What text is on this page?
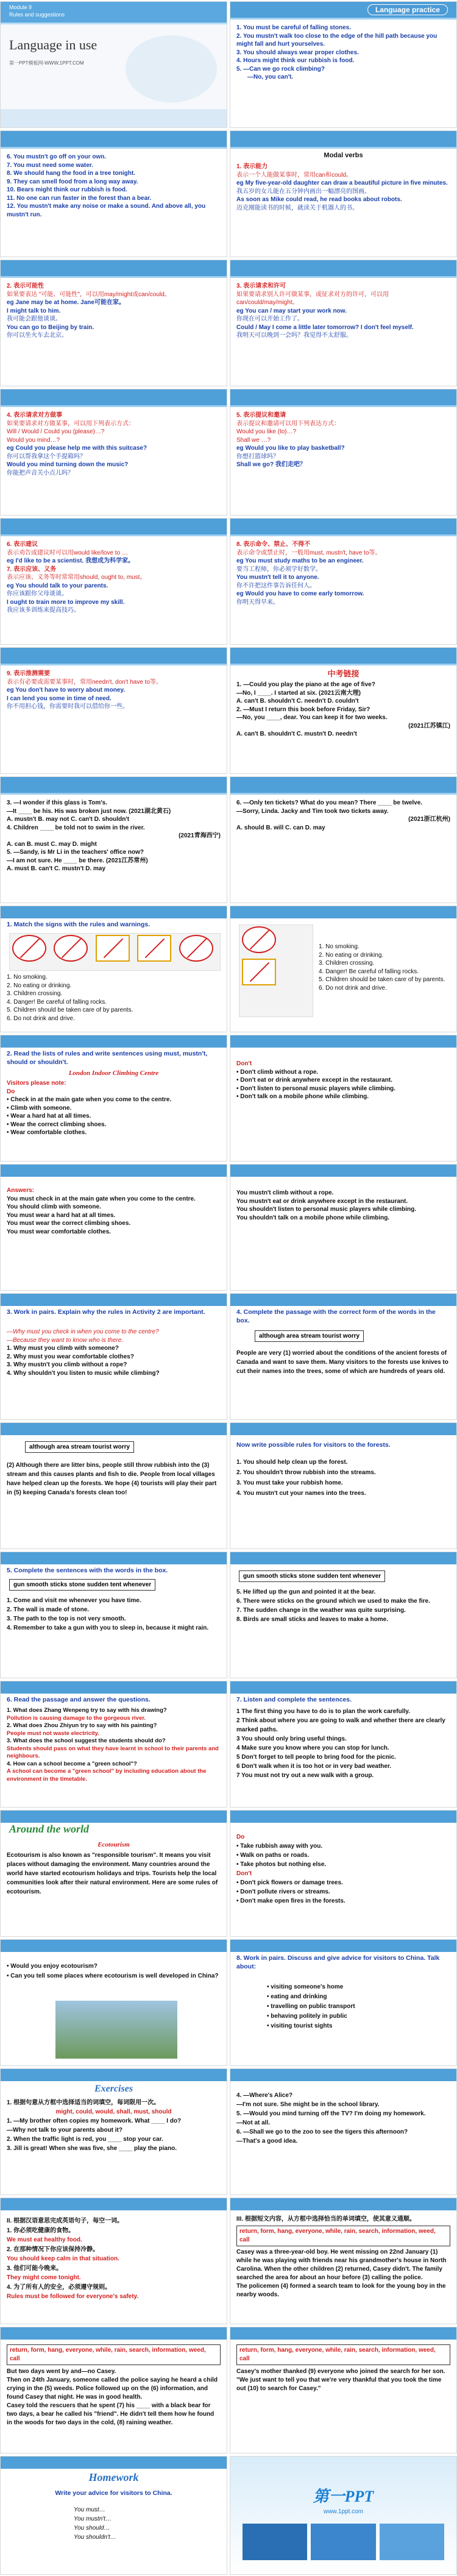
Module 9
Rules and suggestions
Language in use
第一PPT模板网-WWW.1PPT.COM
Language practice

1. You must be careful of falling stones.

2. You mustn't walk too close to the edge of the hill path because you might fall and hurt yourselves.

3. You should always wear proper clothes.

4. Hours might think our rubbish is food.

5. —Can we go rock climbing?

—No, you can't.

6. You mustn't go off on your own.

7. You must need some water.

8. We should hang the food in a tree tonight.

9. They can smell food from a long way away.

10. Bears might think our rubbish is food.

11. No one can run faster in the forest than a bear.

12. You mustn't make any noise or make a sound. And above all, you mustn't run.

Modal verbs

1. 表示能力

表示一个人能做某事时，常用can和could。

eg My five-year-old daughter can draw a beautiful picture in five minutes.

我五岁的女儿能在五分钟内画出一幅漂亮的图画。

As soon as Mike could read, he read books about robots.

迈克刚能读书的时候，就读关于机器人的书。

2. 表示可能性

如果要表达 "可能、可能性"，可以用may/might或can/could。

eg Jane may be at home. Jane可能在家。

I might talk to him.

我可能会跟他谈谈。

You can go to Beijing by train.

你可以坐火车去北京。

3. 表示请求和许可

如果要请求别人许可做某事，或征求对方的许可，可以用can/could/may/might。

eg You can / may start your work now.

你现在可以开始工作了。

Could / May I come a little later tomorrow? I don't feel myself.

我明天可以晚到一会吗？我觉得不太舒服。

4. 表示请求对方做事

如果要请求对方做某事，可以用下列表示方式：

Will / Would / Could you (please)…?

Would you mind…?

eg Could you please help me with this suitcase?

你可以帮我拿这个手提箱吗？

Would you mind turning down the music?

你能把声音关小点儿吗？

5. 表示提议和邀请

表示提议和邀请可以用下列表达方式：

Would you like (to)…?

Shall we …?

eg Would you like to play basketball?

你想打篮球吗？

Shall we go? 我们走吧？

6. 表示建议

表示劝告或建议时可以用would like/love to …

eg I'd like to be a scientist. 我想成为科学家。

7. 表示应该、义务

表示应该、义务等时常常用should, ought to, must。

eg You should talk to your parents.

你应该跟你父母谈谈。

I ought to train more to improve my skill.

我应该多训练来提高技巧。

8. 表示命令、禁止、不得不

表示命令或禁止时，一般用must, mustn't, have to等。

eg You must study maths to be an engineer.

要当工程师，你必须学好数学。

You mustn't tell it to anyone.

你不许把这件事告诉任何人。

eg Would you have to come early tomorrow.

你明天得早来。

9. 表示推测需要

表示有必要或需要某事时，常用needn't, don't have to等。

eg You don't have to worry about money.

I can lend you some in time of need.

你不用担心钱，你需要时我可以借给你一些。

中考链接

1. —Could you play the piano at the age of five?

—No, I ____. I started at six. (2021云南大理)

A. can't B. shouldn't C. needn't D. couldn't

2. —Must I return this book before Friday, Sir?

—No, you ____, dear. You can keep it for two weeks.

(2021江苏镇江)

A. can't B. shouldn't C. mustn't D. needn't

3. —I wonder if this glass is Tom's.

—It ____ be his. His was broken just now. (2021湖北黄石)

A. mustn't B. may not C. can't D. shouldn't

4. Children ____ be told not to swim in the river.

(2021青海西宁)

A. can B. must C. may D. might

5. —Sandy, is Mr Li in the teachers' office now?

—I am not sure. He ____ be there. (2021江苏常州)

A. must B. can't C. mustn't D. may

6. —Only ten tickets? What do you mean? There ____ be twelve.

—Sorry, Linda. Jacky and Tim took two tickets away.

(2021浙江杭州)

A. should B. will C. can D. may

1. Match the signs with the rules and warnings.

1. No smoking.

2. No eating or drinking.

3. Children crossing.

4. Danger! Be careful of falling rocks.

5. Children should be taken care of by parents.

6. Do not drink and drive.

1. No smoking.

2. No eating or drinking.

3. Children crossing.

4. Danger! Be careful of falling rocks.

5. Children should be taken care of by parents.

6. Do not drink and drive.

2. Read the lists of rules and write sentences using must, mustn't, should or shouldn't.
London Indoor Climbing Centre

Visitors please note:

Do

• Check in at the main gate when you come to the centre.

• Climb with someone.

• Wear a hard hat at all times.

• Wear the correct climbing shoes.

• Wear comfortable clothes.

Don't

• Don't climb without a rope.

• Don't eat or drink anywhere except in the restaurant.

• Don't listen to personal music players while climbing.

• Don't talk on a mobile phone while climbing.

Answers:

You must check in at the main gate when you come to the centre.

You should climb with someone.

You must wear a hard hat at all times.

You must wear the correct climbing shoes.

You must wear comfortable clothes.

You mustn't climb without a rope.

You mustn't eat or drink anywhere except in the restaurant.

You shouldn't listen to personal music players while climbing.

You shouldn't talk on a mobile phone while climbing.

3. Work in pairs. Explain why the rules in Activity 2 are important.

—Why must you check in when you come to the centre?

—Because they want to know who is there.

1. Why must you climb with someone?

2. Why must you wear comfortable clothes?

3. Why mustn't you climb without a rope?

4. Why shouldn't you listen to music while climbing?

4. Complete the passage with the correct form of the words in the box.
although area stream tourist worry
People are very (1) worried about the conditions of the ancient forests of Canada and want to save them. Many visitors to the forests use knives to cut their names into the trees, some of which are hundreds of years old.
although area stream tourist worry
(2) Although there are litter bins, people still throw rubbish into the (3) stream and this causes plants and fish to die. People from local villages have helped clean up the forests. We hope (4) tourists will play their part in (5) keeping Canada's forests clean too!
Now write possible rules for visitors to the forests.

1. You should help clean up the forest.

2. You shouldn't throw rubbish into the streams.

3. You must take your rubbish home.

4. You mustn't cut your names into the trees.

5. Complete the sentences with the words in the box.
gun smooth sticks stone sudden tent whenever

1. Come and visit me whenever you have time.

2. The wall is made of stone.

3. The path to the top is not very smooth.

4. Remember to take a gun with you to sleep in, because it might rain.

gun smooth sticks stone sudden tent whenever

5. He lifted up the gun and pointed it at the bear.

6. There were sticks on the ground which we used to make the fire.

7. The sudden change in the weather was quite surprising.

8. Birds are small sticks and leaves to make a home.

6. Read the passage and answer the questions.

1. What does Zhang Wenpeng try to say with his drawing?

Pollution is causing damage to the gorgeous river.

2. What does Zhou Zhiyun try to say with his painting?

People must not waste electricity.

3. What does the school suggest the students should do?

Students should pass on what they have learnt in school to their parents and neighbours.

4. How can a school become a "green school"?

A school can become a "green school" by including education about the environment in the timetable.

7. Listen and complete the sentences.

1 The first thing you have to do is to plan the work carefully.

2 Think about where you are going to walk and whether there are clearly marked paths.

3 You should only bring useful things.

4 Make sure you know where you can stop for lunch.

5 Don't forget to tell people to bring food for the picnic.

6 Don't walk when it is too hot or in very bad weather.

7 You must not try out a new walk with a group.

Around the world
Ecotourism
Ecotourism is also known as "responsible tourism". It means you visit places without damaging the environment. Many countries around the world have started ecotourism holidays and trips. Tourists help the local communities look after their natural environment. Here are some rules of ecotourism.

Do

• Take rubbish away with you.

• Walk on paths or roads.

• Take photos but nothing else.

Don't

• Don't pick flowers or damage trees.

• Don't pollute rivers or streams.

• Don't make open fires in the forests.

• Would you enjoy ecotourism?

• Can you tell some places where ecotourism is well developed in China?

8. Work in pairs. Discuss and give advice for visitors to China. Talk about:

• visiting someone's home

• eating and drinking

• travelling on public transport

• behaving politely in public

• visiting tourist sights

Exercises

1. 根据句意从方框中选择适当的词填空，每词限用一次。

might, could, would, shall, must, should

1. —My brother often copies my homework. What ____ I do?

—Why not talk to your parents about it?

2. When the traffic light is red, you ____ stop your car.

3. Jill is great! When she was five, she ____ play the piano.

4. —Where's Alice?

—I'm not sure. She might be in the school library.

5. —Would you mind turning off the TV? I'm doing my homework.

—Not at all.

6. —Shall we go to the zoo to see the tigers this afternoon?

—That's a good idea.

II. 根据汉语意思完成英语句子，每空一词。

1. 你必须吃健康的食物。

We must eat healthy food.

2. 在那种情况下你应该保持冷静。

You should keep calm in that situation.

3. 他们可能今晚来。

They might come tonight.

4. 为了所有人的安全，必须遵守规则。

Rules must be followed for everyone's safety.

III. 根据短文内容，从方框中选择恰当的单词填空，使其意义通顺。

return, form, hang, everyone, while, rain, search, information, weed, call

Casey was a three-year-old boy. He went missing on 22nd January (1) while he was playing with friends near his grandmother's house in North Carolina. When the other children (2) returned, Casey didn't. The family searched the area for about an hour before (3) calling the police.

The policemen (4) formed a search team to look for the young boy in the nearby woods.

return, form, hang, everyone, while, rain, search, information, weed, call

But two days went by and—no Casey.

Then on 24th January, someone called the police saying he heard a child crying in the (5) weeds. Police followed up on the (6) information, and found Casey that night. He was in good health.

Casey told the rescuers that he spent (7) his ____ with a black bear for two days, a bear he called his "friend". He didn't tell them how he found in the woods for two days in the cold, (8) raining weather.

return, form, hang, everyone, while, rain, search, information, weed, call

Casey's mother thanked (9) everyone who joined the search for her son. "We just want to tell you that we're very thankful that you took the time out (10) to search for Casey."

Homework
Write your advice for visitors to China.

You must…

You mustn't…

You should…

You shouldn't…

第一PPT
www.1ppt.com
